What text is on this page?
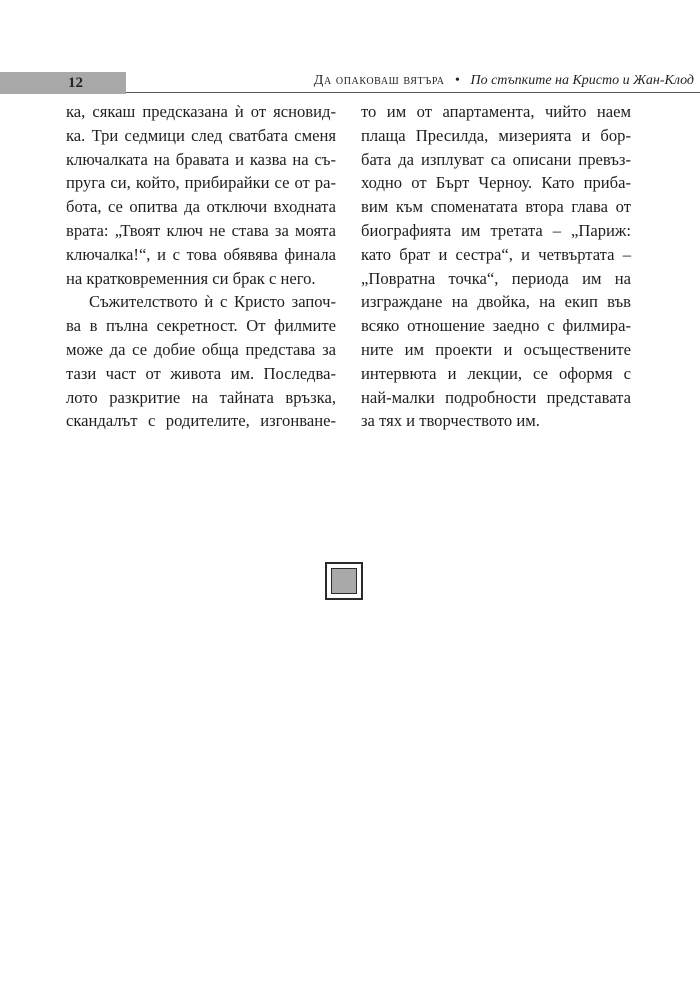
12	Да опаковаш вятъра • По стъпките на Кристо и Жан-Клод
ка, сякаш предсказана ѝ от ясновид-
ка. Три седмици след сватбата сменя
ключалката на бравата и казва на съ-
пруга си, който, прибирайки се от ра-
бота, се опитва да отключи входната
врата: „Твоят ключ не става за моята
ключалка!“, и с това обявява финала
на кратковременния си брак с него.
Съжителството ѝ с Кристо започ-
ва в пълна секретност. От филмите
може да се добие обща представа за
тази част от живота им. Последва-
лото разкритие на тайната връзка,
скандалът с родителите, изгонване-
то им от апартамента, чийто наем
плаща Пресилда, мизерията и бор-
бата да изплуват са описани превъз-
ходно от Бърт Черноу. Като приба-
вим към споменатата втора глава от
биографията им третата – „Париж:
като брат и сестра“, и четвъртата –
„Повратна точка“, периода им на
изграждане на двойка, на екип във
всяко отношение заедно с филмира-
ните им проекти и осъществените
интервюта и лекции, се оформя с
най-малки подробности представата
за тях и творчеството им.
